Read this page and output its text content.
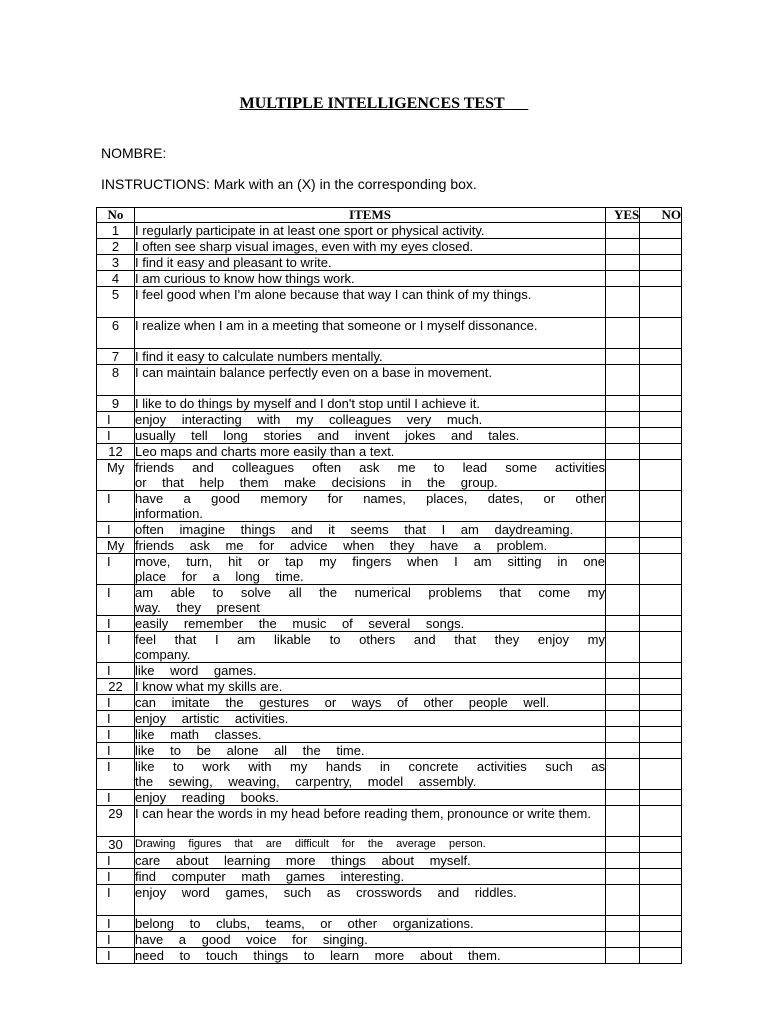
MULTIPLE INTELLIGENCES TEST
NOMBRE:
INSTRUCTIONS: Mark with an (X) in the corresponding box.
No	ITEMS	YES	NO
1	I regularly participate in at least one sport or physical activity.		
2	I often see sharp visual images, even with my eyes closed.		
3	I find it easy and pleasant to write.		
4	I am curious to know how things work.		
5	I feel good when I'm alone because that way I can think of my things.		
6	I realize when I am in a meeting that someone or I myself dissonance.		
7	I find it easy to calculate numbers mentally.		
8	I can maintain balance perfectly even on a base in movement.		
9	I like to do things by myself and I don't stop until I achieve it.		
I	enjoy interacting with my colleagues very much.		
I	usually tell long stories and invent jokes and tales.		
12	Leo maps and charts more easily than a text.		
My	friends and colleagues often ask me to lead some activities or that help them make decisions in the group.		
I	have a good memory for names, places, dates, or other information.		
I	often imagine things and it seems that I am daydreaming.		
My	friends ask me for advice when they have a problem.		
I	move, turn, hit or tap my fingers when I am sitting in one place for a long time.		
I	am able to solve all the numerical problems that come my way. they present		
I	easily remember the music of several songs.		
I	feel that I am likable to others and that they enjoy my company.		
I	like word games.		
22	I know what my skills are.		
I	can imitate the gestures or ways of other people well.		
I	enjoy artistic activities.		
I	like math classes.		
I	like to be alone all the time.		
I	like to work with my hands in concrete activities such as the sewing, weaving, carpentry, model assembly.		
I	enjoy reading books.		
29	I can hear the words in my head before reading them, pronounce or write them.		
30	Drawing figures that are difficult for the average person.		
I	care about learning more things about myself.		
I	find computer math games interesting.		
I	enjoy word games, such as crosswords and riddles.		
I	belong to clubs, teams, or other organizations.		
I	have a good voice for singing.		
I	need to touch things to learn more about them.		
